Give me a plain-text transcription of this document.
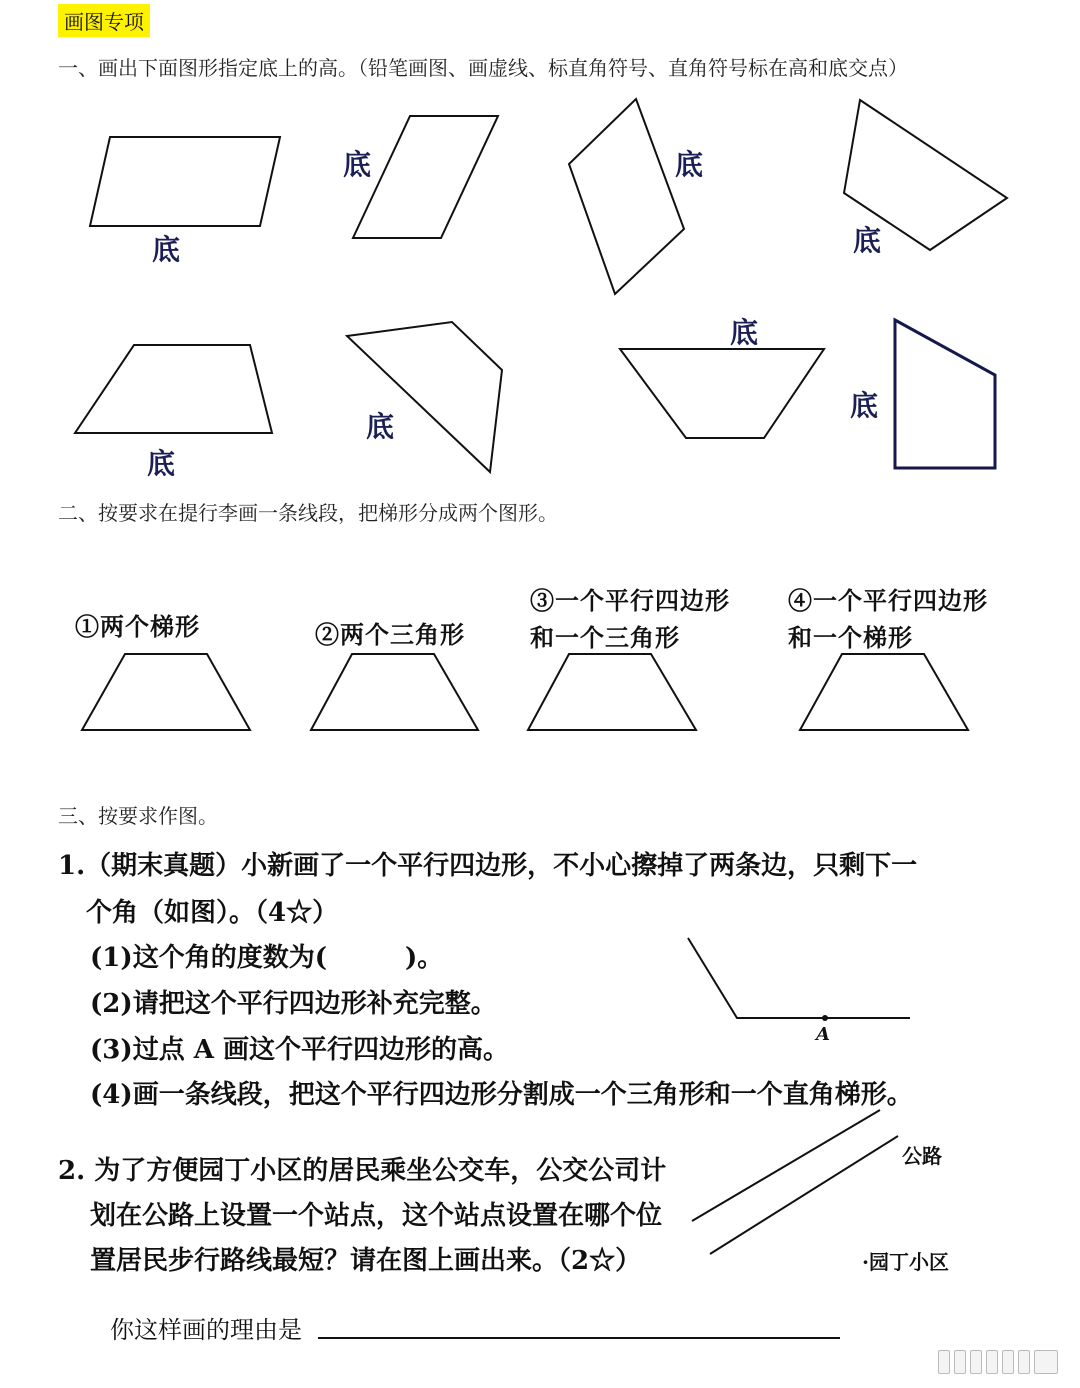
画图专项
一、画出下面图形指定底上的高。（铅笔画图、画虚线、标直角符号、直角符号标在高和底交点）
底
底	底
底
底
底
底
底
二、按要求在提行李画一条线段，把梯形分成两个图形。
①两个梯形	②两个三角形
③一个平行四边形
和一个三角形
④一个平行四边形
和一个梯形
三、按要求作图。
1.（期末真题）小新画了一个平行四边形，不小心擦掉了两条边，只剩下一
个角（如图）。（4☆）
(1)这个角的度数为(　　　)。
(2)请把这个平行四边形补充完整。
(3)过点 A 画这个平行四边形的高。
(4)画一条线段，把这个平行四边形分割成一个三角形和一个直角梯形。
A
2. 为了方便园丁小区的居民乘坐公交车，公交公司计
划在公路上设置一个站点，这个站点设置在哪个位
置居民步行路线最短？请在图上画出来。（2☆）
公路
·园丁小区
你这样画的理由是
